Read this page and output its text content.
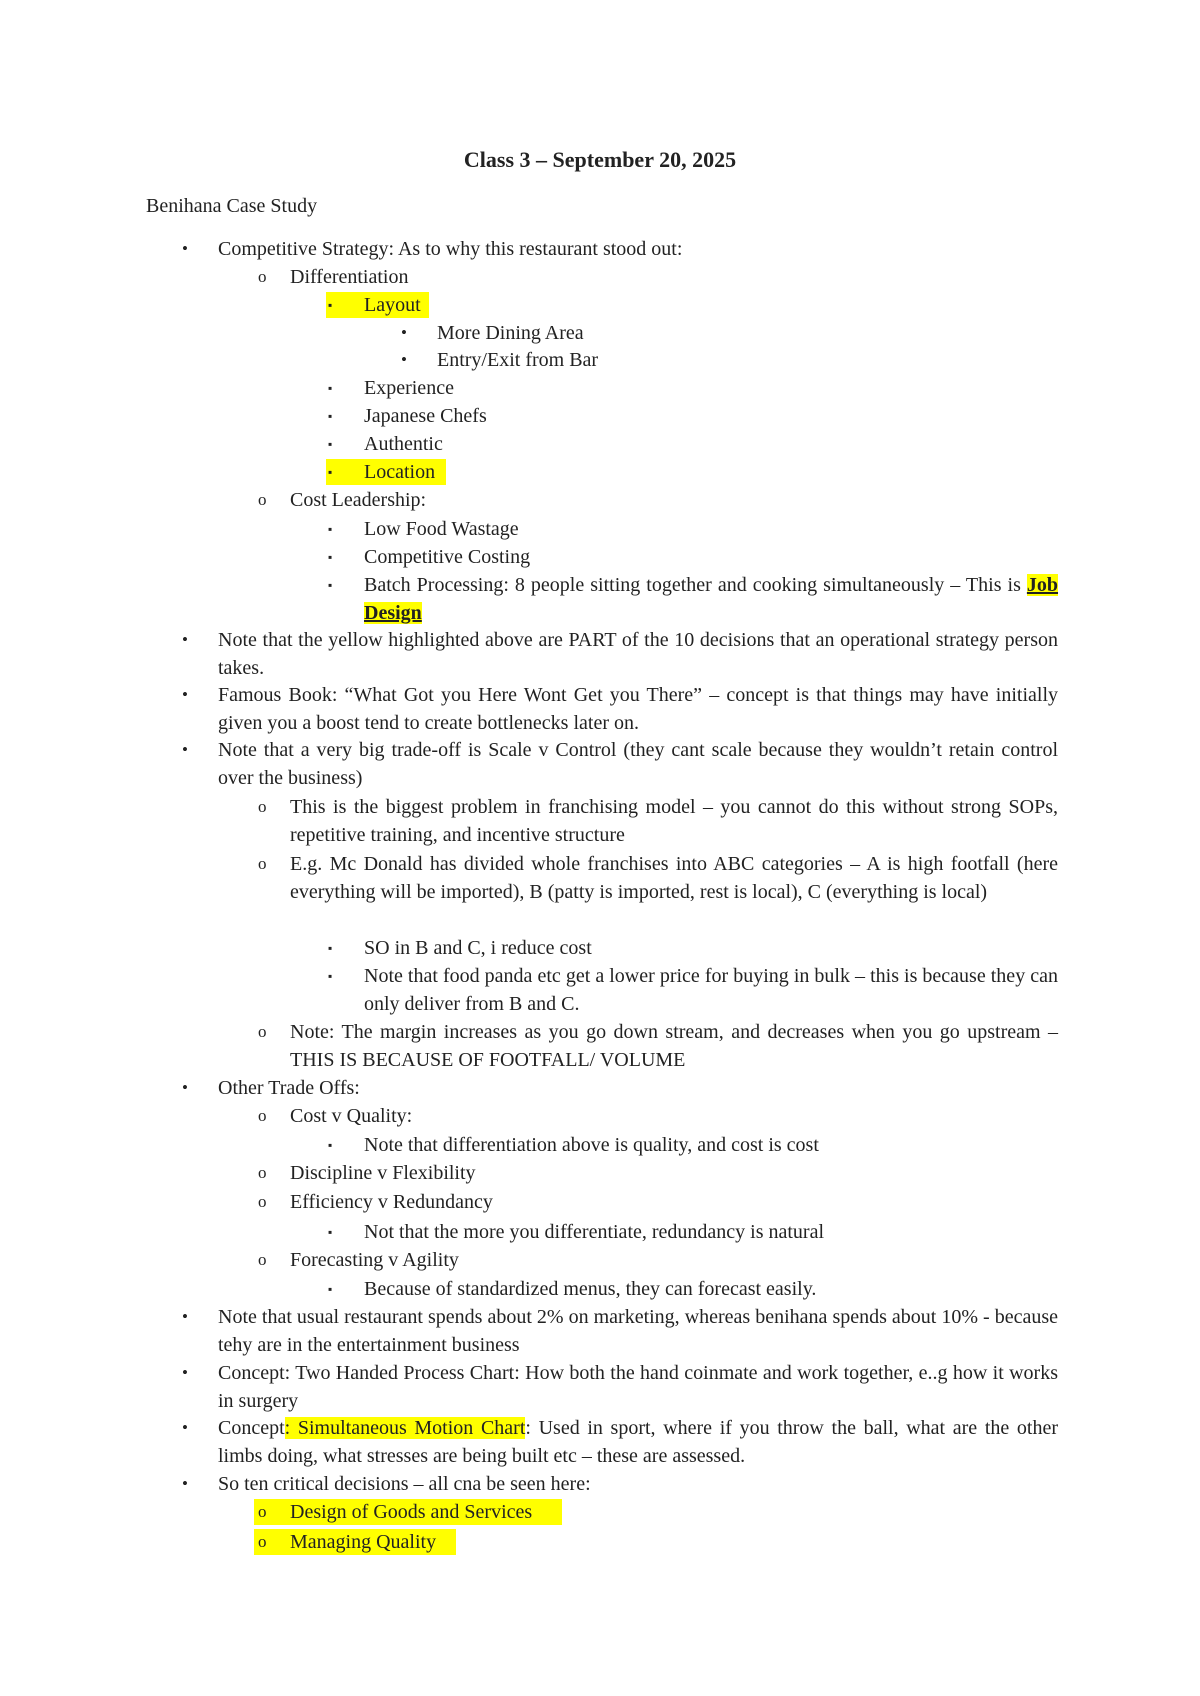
Class 3 – September 20, 2025
Benihana Case Study
• Competitive Strategy: As to why this restaurant stood out:
o Differentiation
▪ Layout
• More Dining Area
• Entry/Exit from Bar
▪ Experience
▪ Japanese Chefs
▪ Authentic
▪ Location
o Cost Leadership:
▪ Low Food Wastage
▪ Competitive Costing
▪ Batch Processing: 8 people sitting together and cooking simultaneously – This is Job Design
• Note that the yellow highlighted above are PART of the 10 decisions that an operational strategy person takes.
• Famous Book: “What Got you Here Wont Get you There” – concept is that things may have initially given you a boost tend to create bottlenecks later on.
• Note that a very big trade-off is Scale v Control (they cant scale because they wouldn’t retain control over the business)
o This is the biggest problem in franchising model – you cannot do this without strong SOPs, repetitive training, and incentive structure
o E.g. Mc Donald has divided whole franchises into ABC categories – A is high footfall (here everything will be imported), B (patty is imported, rest is local), C (everything is local)
▪ SO in B and C, i reduce cost
▪ Note that food panda etc get a lower price for buying in bulk – this is because they can only deliver from B and C.
o Note: The margin increases as you go down stream, and decreases when you go upstream – THIS IS BECAUSE OF FOOTFALL/ VOLUME
• Other Trade Offs:
o Cost v Quality:
▪ Note that differentiation above is quality, and cost is cost
o Discipline v Flexibility
o Efficiency v Redundancy
▪ Not that the more you differentiate, redundancy is natural
o Forecasting v Agility
▪ Because of standardized menus, they can forecast easily.
• Note that usual restaurant spends about 2% on marketing, whereas benihana spends about 10% - because tehy are in the entertainment business
• Concept: Two Handed Process Chart: How both the hand coinmate and work together, e..g how it works in surgery
• Concept: Simultaneous Motion Chart: Used in sport, where if you throw the ball, what are the other limbs doing, what stresses are being built etc – these are assessed.
• So ten critical decisions – all cna be seen here:
o Design of Goods and Services
o Managing Quality
